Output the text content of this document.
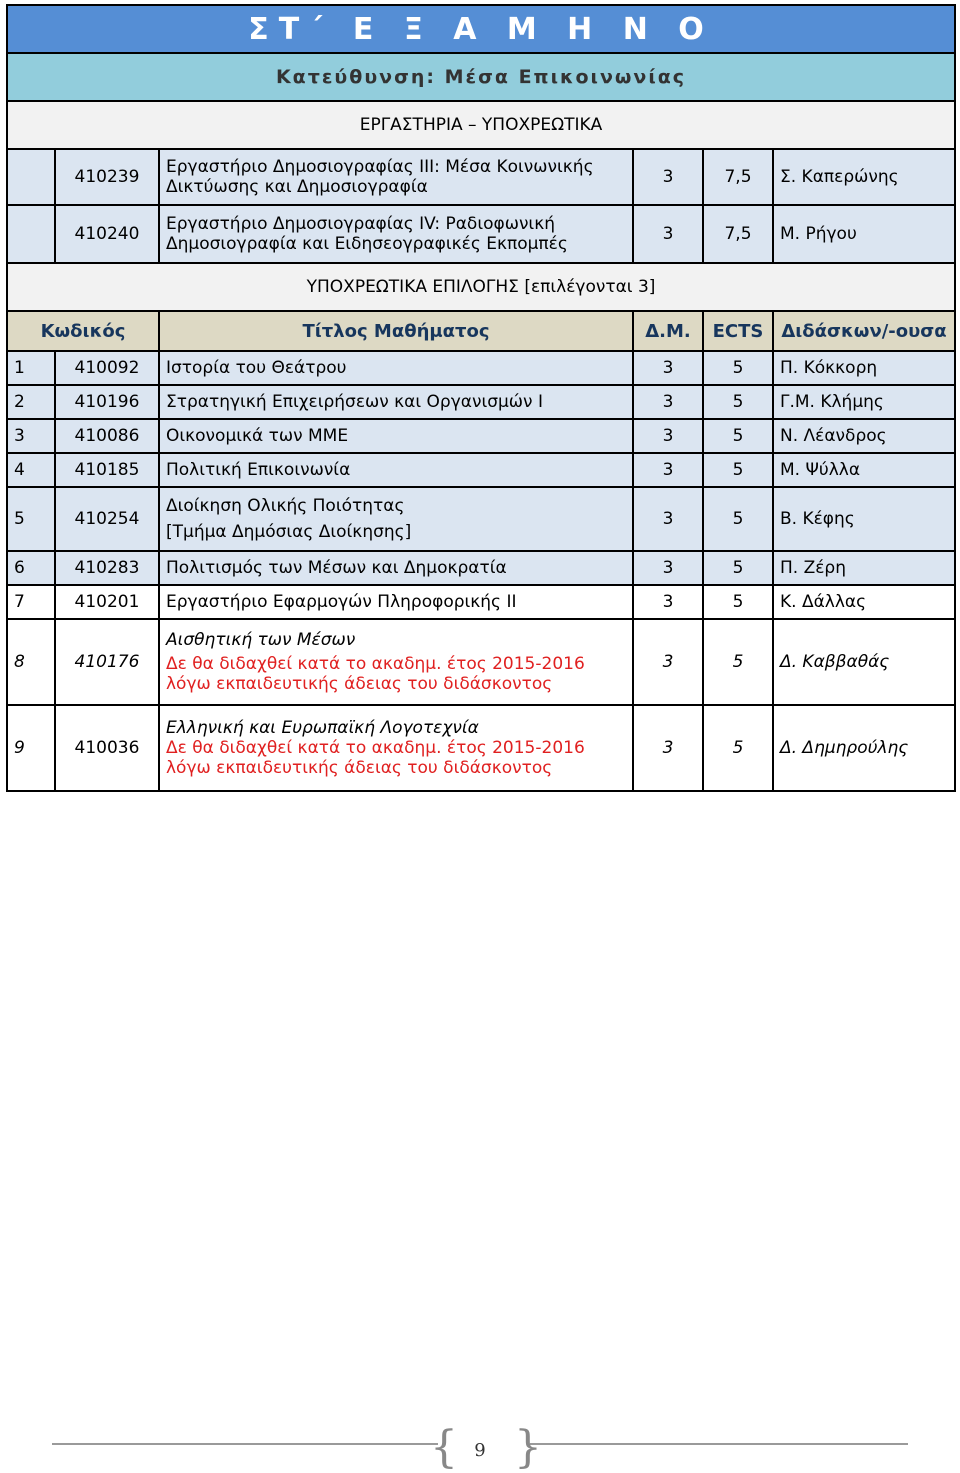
ΣΤ΄ Ε Ξ Α Μ Η Ν Ο					
Κατεύθυνση: Μέσα Επικοινωνίας					
ΕΡΓΑΣΤΗΡΙΑ – ΥΠΟΧΡΕΩΤΙΚΑ					
	410239	Εργαστήριο Δημοσιογραφίας ΙΙΙ: Μέσα Κοινωνικής
Δικτύωσης και Δημοσιογραφία	3	7,5	Σ. Καπερώνης
	410240	Εργαστήριο Δημοσιογραφίας IV: Ραδιοφωνική
Δημοσιογραφία και Ειδησεογραφικές Εκπομπές	3	7,5	Μ. Ρήγου
ΥΠΟΧΡΕΩΤΙΚΑ ΕΠΙΛΟΓΗΣ [επιλέγονται 3]					
Κωδικός		Τίτλος Μαθήματος	Δ.Μ.	ECTS	Διδάσκων/-ουσα
1	410092	Ιστορία του Θεάτρου	3	5	Π. Κόκκορη
2	410196	Στρατηγική Επιχειρήσεων και Οργανισμών Ι	3	5	Γ.Μ. Κλήμης
3	410086	Οικονομικά των ΜΜΕ	3	5	Ν. Λέανδρος
4	410185	Πολιτική Επικοινωνία	3	5	Μ. Ψύλλα
5	410254	Διοίκηση Ολικής Ποιότητας
[Τμήμα Δημόσιας Διοίκησης]	3	5	Β. Κέφης
6	410283	Πολιτισμός των Μέσων και Δημοκρατία	3	5	Π. Ζέρη
7	410201	Εργαστήριο Εφαρμογών Πληροφορικής ΙΙ	3	5	Κ. Δάλλας
8	410176	Αισθητική των Μέσων
Δε θα διδαχθεί κατά το ακαδημ. έτος 2015-2016
λόγω εκπαιδευτικής άδειας του διδάσκοντος	3	5	Δ. Καββαθάς
9	410036	Ελληνική και Ευρωπαϊκή Λογοτεχνία
Δε θα διδαχθεί κατά το ακαδημ. έτος 2015-2016
λόγω εκπαιδευτικής άδειας του διδάσκοντος	3	5	Δ. Δημηρούλης
{ }
9
